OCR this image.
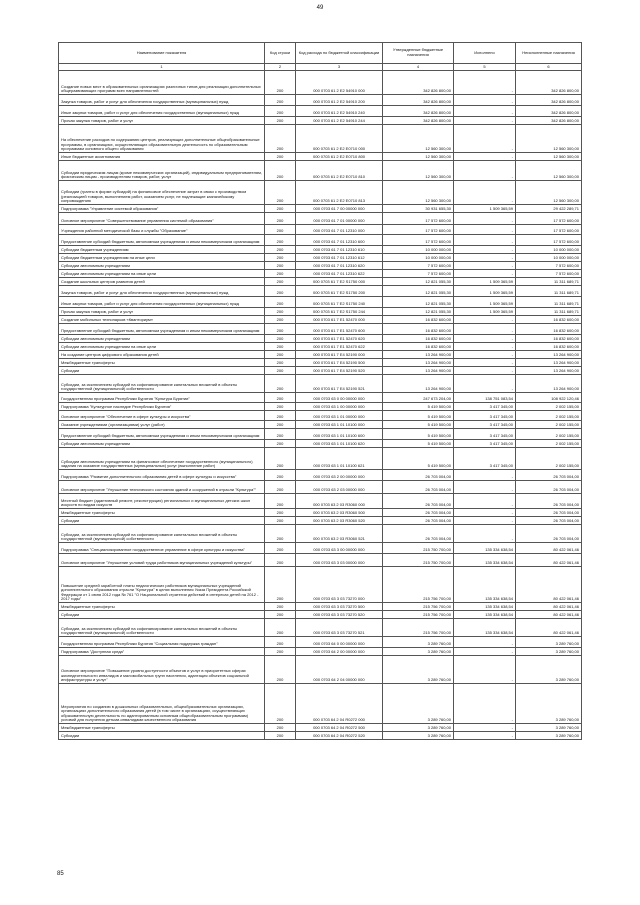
49
Наименование показателя	Код строки	Код расхода по бюджетной классификации	Утвержденные бюджетные назначения	Исполнено	Неисполненные назначения
1	2	3	4	5	6
Создание новых мест в образовательных организациях различных типов для реализации дополнительных общеразвивающих программ всех направленностей	200	000 0703 61 2 E2 54910 000	342 826 800,00	-	342 826 800,00
Закупка товаров, работ и услуг для обеспечения государственных (муниципальных) нужд	200	000 0703 61 2 E2 54910 200	342 826 800,00	-	342 826 800,00
Иные закупки товаров, работ и услуг для обеспечения государственных (муниципальных) нужд	200	000 0703 61 2 E2 54910 240	342 826 800,00	-	342 826 800,00
Прочая закупка товаров, работ и услуг	200	000 0703 61 2 E2 54910 244	342 826 800,00	-	342 826 800,00
На обеспечение расходов по содержанию центров, реализующих дополнительные общеобразовательные программы, в организациях, осуществляющих образовательную деятельность по образовательным программам основного общего образования	200	000 0703 61 2 E2 E0710 000	12 560 300,00	-	12 560 300,00
Иные бюджетные ассигнования	200	000 0703 61 2 E2 E0710 800	12 560 300,00	-	12 560 300,00
Субсидии юридическим лицам (кроме некоммерческих организаций), индивидуальным предпринимателям, физическим лицам - производителям товаров, работ, услуг	200	000 0703 61 2 E2 E0710 810	12 560 300,00	-	12 560 300,00
Субсидии (гранты в форме субсидий) на финансовое обеспечение затрат в связи с производством (реализацией товаров, выполнением работ, оказанием услуг, не подлежащие казначейскому сопровождению	200	000 0703 61 2 E2 E0710 813	12 560 300,00	-	12 560 300,00
Подпрограмма "Управление системой образования"	200	000 0703 61 7 00 00000 000	30 931 655,30	1 509 365,59	29 422 289,71
Основное мероприятие "Совершенствование управления системой образования"	200	000 0703 61 7 01 00000 000	17 572 600,00	-	17 572 600,00
Учреждения районной методической базы и службы "Образование"	200	000 0703 61 7 01 12310 000	17 572 600,00	-	17 572 600,00
Предоставление субсидий бюджетным, автономным учреждениям и иным некоммерческим организациям	200	000 0703 61 7 01 12310 600	17 572 600,00	-	17 572 600,00
Субсидии бюджетным учреждениям	200	000 0703 61 7 01 12310 610	10 000 000,00	-	10 000 000,00
Субсидии бюджетным учреждениям на иные цели	200	000 0703 61 7 01 12310 612	10 000 000,00	-	10 000 000,00
Субсидии автономным учреждениям	200	000 0703 61 7 01 12310 620	7 572 600,00	-	7 572 600,00
Субсидии автономным учреждениям на иные цели	200	000 0703 61 7 01 12310 622	7 572 600,00	-	7 572 600,00
Создание школьных центров развития детей	200	000 0703 61 7 E2 S1750 000	12 821 055,30	1 509 365,59	11 311 689,71
Закупка товаров, работ и услуг для обеспечения государственных (муниципальных) нужд	200	000 0703 61 7 E2 S1750 200	12 821 055,30	1 509 365,59	11 311 689,71
Иные закупки товаров, работ и услуг для обеспечения государственных (муниципальных) нужд	200	000 0703 61 7 E2 S1750 240	12 821 055,30	1 509 365,59	11 311 689,71
Прочая закупка товаров, работ и услуг	200	000 0703 61 7 E2 S1750 244	12 821 055,30	1 509 365,59	11 311 689,71
Создание мобильных технопарков «Кванториум»	200	000 0703 61 7 E1 52470 000	16 832 600,00	-	16 832 600,00
Предоставление субсидий бюджетным, автономным учреждениям и иным некоммерческим организациям	200	000 0703 61 7 E1 52470 600	16 832 600,00	-	16 832 600,00
Субсидии автономным учреждениям	200	000 0703 61 7 E1 52470 620	16 832 600,00	-	16 832 600,00
Субсидии автономным учреждениям на иные цели	200	000 0703 61 7 E1 52470 622	16 832 600,00	-	16 832 600,00
На создание центров цифрового образования детей	200	000 0703 61 7 E4 52190 000	13 264 900,00	-	13 264 900,00
Межбюджетные трансферты	200	000 0703 61 7 E4 52190 500	13 264 900,00	-	13 264 900,00
Субсидии	200	000 0703 61 7 E4 52190 520	13 264 900,00	-	13 264 900,00
Субсидии, за исключением субсидий на софинансирование капитальных вложений в объекты государственной (муниципальной) собственности	200	000 0703 61 7 E4 52190 521	13 264 900,00	-	13 264 900,00
Государственная программа Республики Бурятия "Культура Бурятии"	200	000 0703 63 0 00 00000 000	247 673 204,00	138 751 083,54	108 922 120,46
Подпрограмма "Культурное наследие Республики Бурятия"	200	000 0703 63 1 00 00000 000	5 419 500,00	3 417 345,00	2 002 155,00
Основное мероприятие "Обеспечение в сфере культуры и искусства"	200	000 0703 63 1 01 00000 000	5 419 500,00	3 417 345,00	2 002 155,00
Оказание учреждениями (организациями) услуг (работ)	200	000 0703 63 1 01 10100 000	5 419 500,00	3 417 345,00	2 002 155,00
Предоставление субсидий бюджетным, автономным учреждениям и иным некоммерческим организациям	200	000 0703 63 1 01 10100 600	5 419 500,00	3 417 345,00	2 002 155,00
Субсидии автономным учреждениям	200	000 0703 63 1 01 10100 620	5 419 500,00	3 417 345,00	2 002 155,00
Субсидии автономным учреждениям на финансовое обеспечение государственного (муниципального) задания на оказание государственных (муниципальных) услуг (выполнение работ)	200	000 0703 63 1 01 10100 621	5 419 500,00	3 417 345,00	2 002 155,00
Подпрограмма "Развитие дополнительного образования детей в сфере культуры и искусства"	200	000 0703 63 2 00 00000 000	26 703 004,00	-	26 703 004,00
Основное мероприятие "Улучшение технического состояния зданий и сооружений в отрасли "Культура""	200	000 0703 63 2 03 00000 000	26 703 004,00	-	26 703 004,00
Местный бюджет (адаптивный ремонт, реконструкция) региональных и муниципальных детских школ искусств по видам искусств	200	000 0703 63 2 03 R3060 000	26 703 004,00	-	26 703 004,00
Межбюджетные трансферты	200	000 0703 63 2 03 R3060 500	26 703 004,00	-	26 703 004,00
Субсидии	200	000 0703 63 2 03 R3060 520	26 703 004,00	-	26 703 004,00
Субсидии, за исключением субсидий на софинансирование капитальных вложений в объекты государственной (муниципальной) собственности	200	000 0703 63 2 03 R3060 521	26 703 004,00	-	26 703 004,00
Подпрограмма "Специализированное государственное управление в сфере культуры и искусства"	200	000 0703 63 3 00 00000 000	215 750 700,00	135 334 638,54	80 422 061,46
Основное мероприятие "Улучшение условий труда работников муниципальных учреждений культуры"	200	000 0703 63 3 03 00000 000	215 750 700,00	135 334 638,54	80 422 061,46
Повышение средней заработной платы педагогических работников муниципальных учреждений дополнительного образования отрасли "Культура" в целях выполнения Указа Президента Российской Федерации от 1 июня 2012 года № 761 "О Национальной стратегии действий в интересах детей на 2012 - 2017 годы"	200	000 0703 63 3 03 73270 000	215 756 700,00	135 334 638,54	80 422 061,46
Межбюджетные трансферты	200	000 0703 63 3 03 73270 500	215 756 700,00	135 334 638,54	80 422 061,46
Субсидии	200	000 0703 63 3 03 73270 520	215 756 700,00	135 334 638,54	80 422 061,46
Субсидии, за исключением субсидий на софинансирование капитальных вложений в объекты государственной (муниципальной) собственности	200	000 0703 63 3 03 73270 521	215 756 700,00	135 334 638,54	80 422 061,46
Государственная программа Республики Бурятия "Социальная поддержка граждан"	200	000 0703 64 0 00 00000 000	3 289 760,00	-	3 289 760,00
Подпрограмма "Доступная среда"	200	000 0703 64 2 00 00000 000	3 289 760,00	-	3 289 760,00
Основное мероприятие "Повышение уровня доступности объектов и услуг в приоритетных сферах жизнедеятельности инвалидов и маломобильных групп населения, адаптация объектов социальной инфраструктуры и услуг"	200	000 0703 64 2 04 00000 000	3 289 760,00	-	3 289 760,00
Мероприятия по созданию в дошкольных образовательных, общеобразовательных организациях, организациях дополнительного образования детей (в том числе в организациях, осуществляющих образовательную деятельность по адаптированным основным общеобразовательным программам) условий для получения детьми-инвалидами качественного образования	200	000 0703 64 2 04 R0272 000	3 289 760,00	-	3 289 760,00
Межбюджетные трансферты	200	000 0703 64 2 04 R0272 500	3 289 760,00	-	3 289 760,00
Субсидии	200	000 0703 64 2 04 R0272 520	3 289 760,00	-	3 289 760,00
85
